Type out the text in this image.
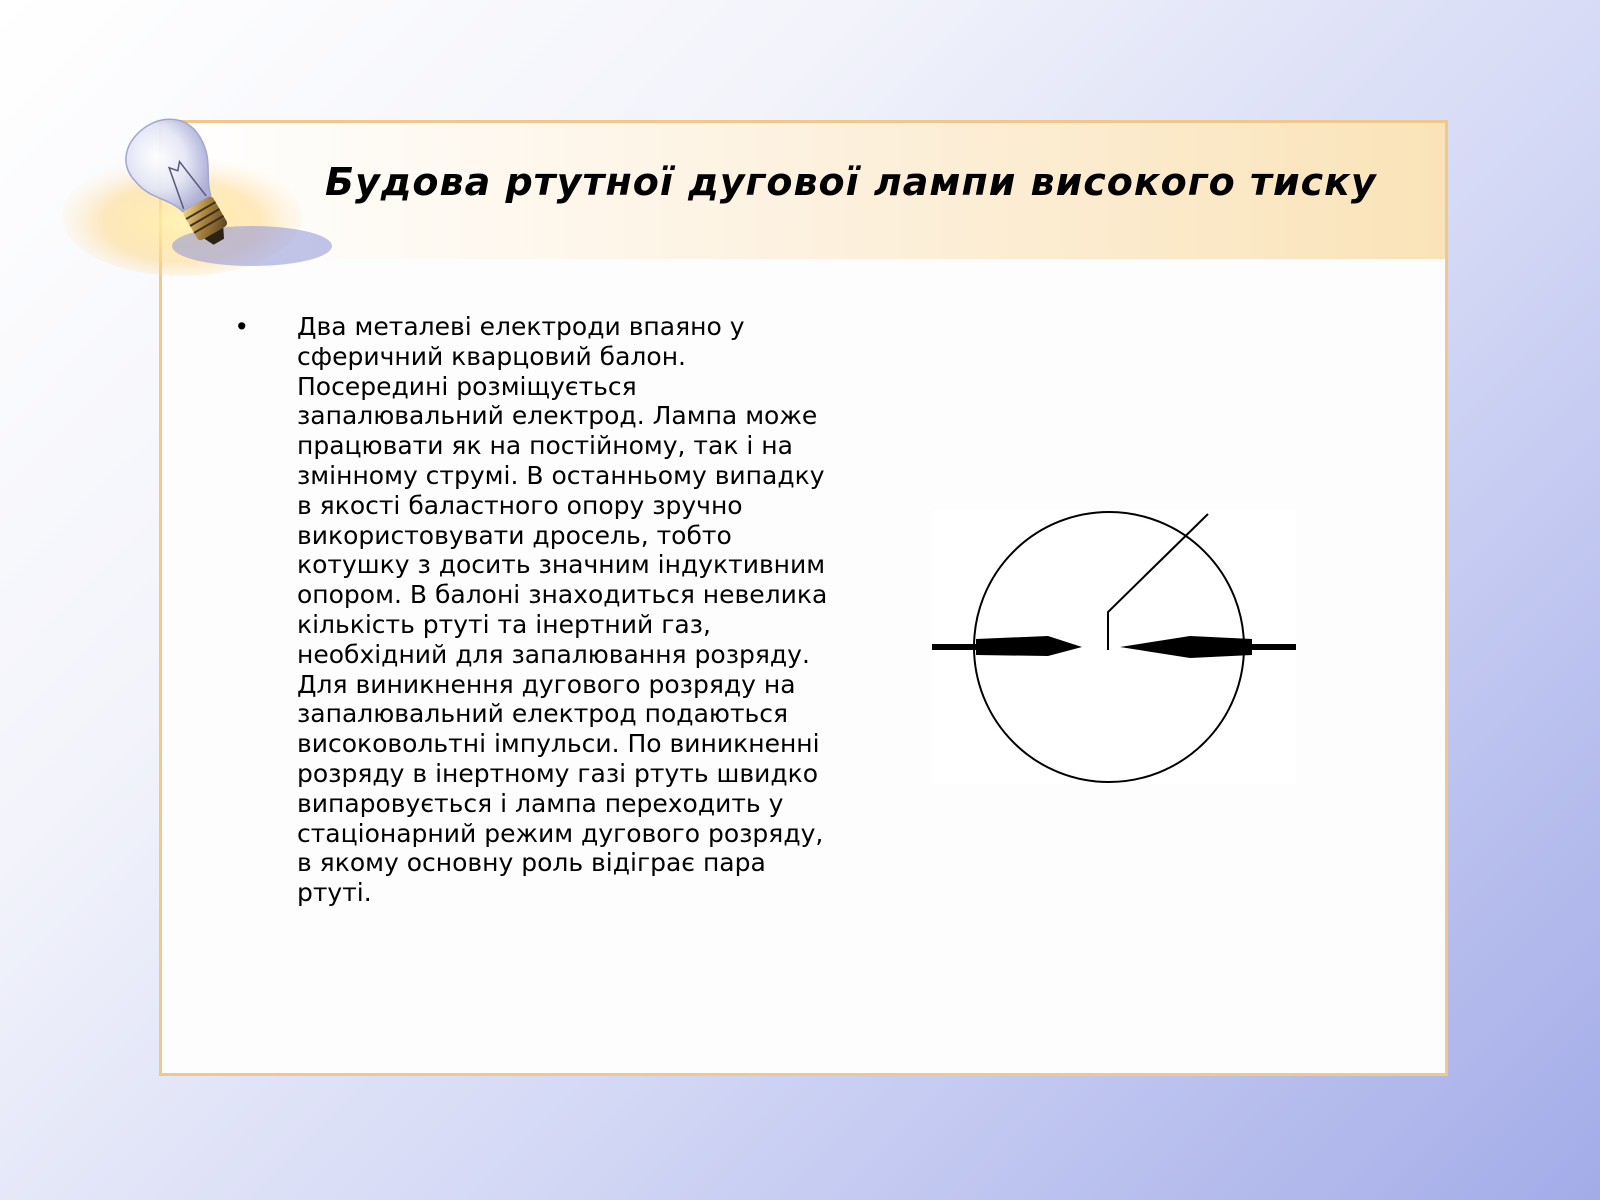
Будова ртутної дугової лампи високого тиску
• Два металеві електроди впаяно у сферичний кварцовий балон. Посередині розміщується запалювальний електрод. Лампа може працювати як на постійному, так і на змінному струмі. В останньому випадку в якості баластного опору зручно використовувати дросель, тобто котушку з досить значним індуктивним опором. В балоні знаходиться невелика кількість ртуті та інертний газ, необхідний для запалювання розряду. Для виникнення дугового розряду на запалювальний електрод подаються високовольтні імпульси. По виникненні розряду в інертному газі ртуть швидко випаровується і лампа переходить у стаціонарний режим дугового розряду, в якому основну роль відіграє пара ртуті.
